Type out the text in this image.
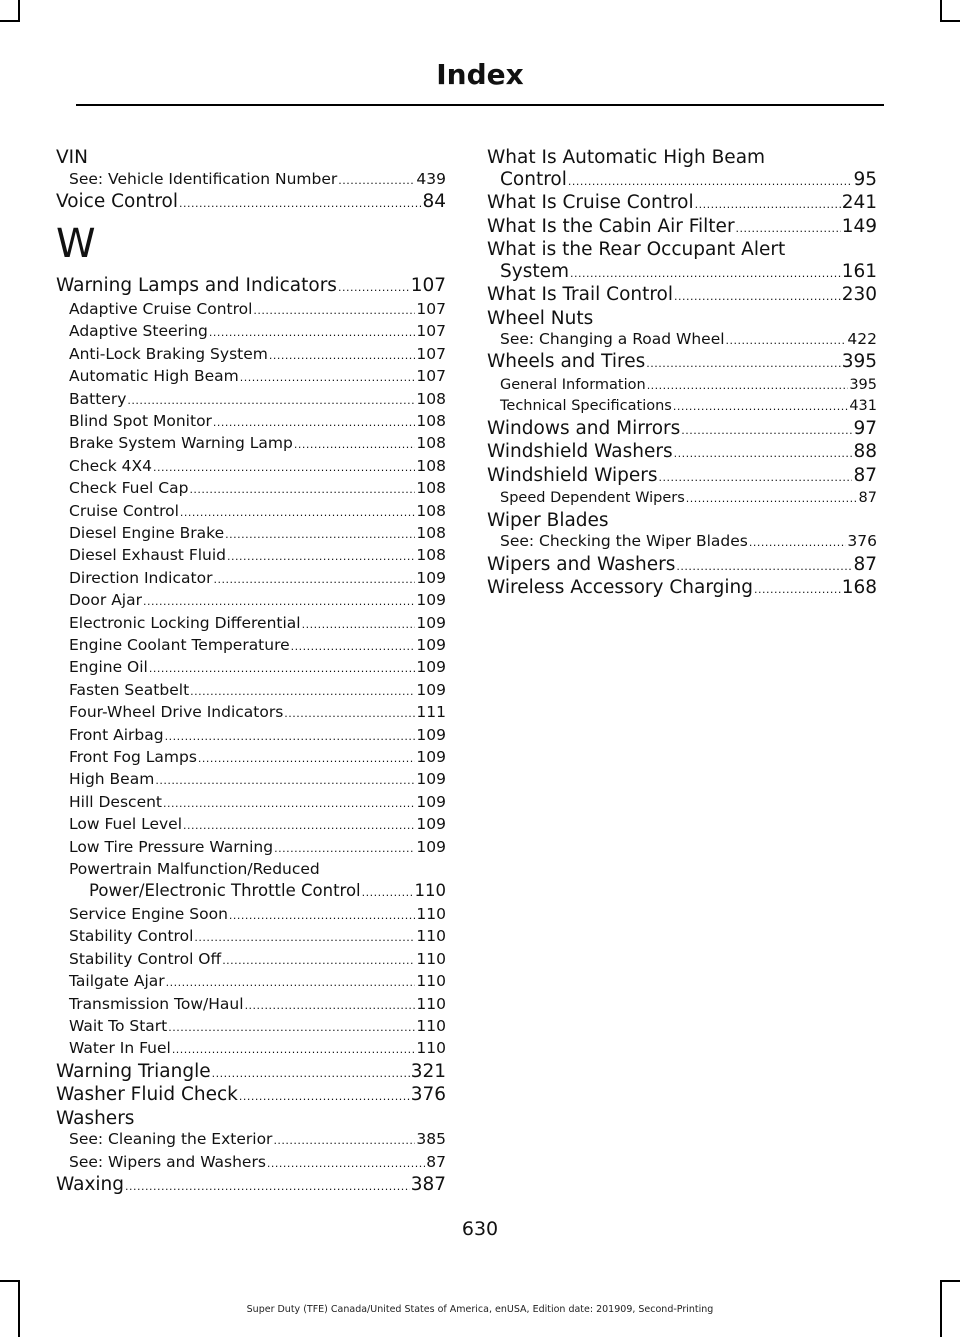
Index
VIN
See: Vehicle Identification Number .....	439
Voice Control .....	84
W
Warning Lamps and Indicators .....	107
Adaptive Cruise Control .....	107
Adaptive Steering .....	107
Anti-Lock Braking System .....	107
Automatic High Beam .....	107
Battery .....	108
Blind Spot Monitor .....	108
Brake System Warning Lamp .....	108
Check 4X4 .....	108
Check Fuel Cap .....	108
Cruise Control .....	108
Diesel Engine Brake .....	108
Diesel Exhaust Fluid .....	108
Direction Indicator .....	109
Door Ajar .....	109
Electronic Locking Differential .....	109
Engine Coolant Temperature .....	109
Engine Oil .....	109
Fasten Seatbelt .....	109
Four-Wheel Drive Indicators .....	111
Front Airbag .....	109
Front Fog Lamps .....	109
High Beam .....	109
Hill Descent .....	109
Low Fuel Level .....	109
Low Tire Pressure Warning .....	109
Powertrain Malfunction/Reduced
Power/Electronic Throttle Control .....	110
Service Engine Soon .....	110
Stability Control .....	110
Stability Control Off .....	110
Tailgate Ajar .....	110
Transmission Tow/Haul .....	110
Wait To Start .....	110
Water In Fuel .....	110
Warning Triangle .....	321
Washer Fluid Check .....	376
Washers
See: Cleaning the Exterior .....	385
See: Wipers and Washers .....	87
Waxing .....	387
What Is Automatic High Beam
Control .....	95
What Is Cruise Control .....	241
What Is the Cabin Air Filter .....	149
What is the Rear Occupant Alert
System .....	161
What Is Trail Control .....	230
Wheel Nuts
See: Changing a Road Wheel .....	422
Wheels and Tires .....	395
General Information .....	395
Technical Specifications .....	431
Windows and Mirrors .....	97
Windshield Washers .....	88
Windshield Wipers .....	87
Speed Dependent Wipers .....	87
Wiper Blades
See: Checking the Wiper Blades .....	376
Wipers and Washers .....	87
Wireless Accessory Charging .....	168
630
Super Duty (TFE) Canada/United States of America, enUSA, Edition date: 201909, Second-Printing
